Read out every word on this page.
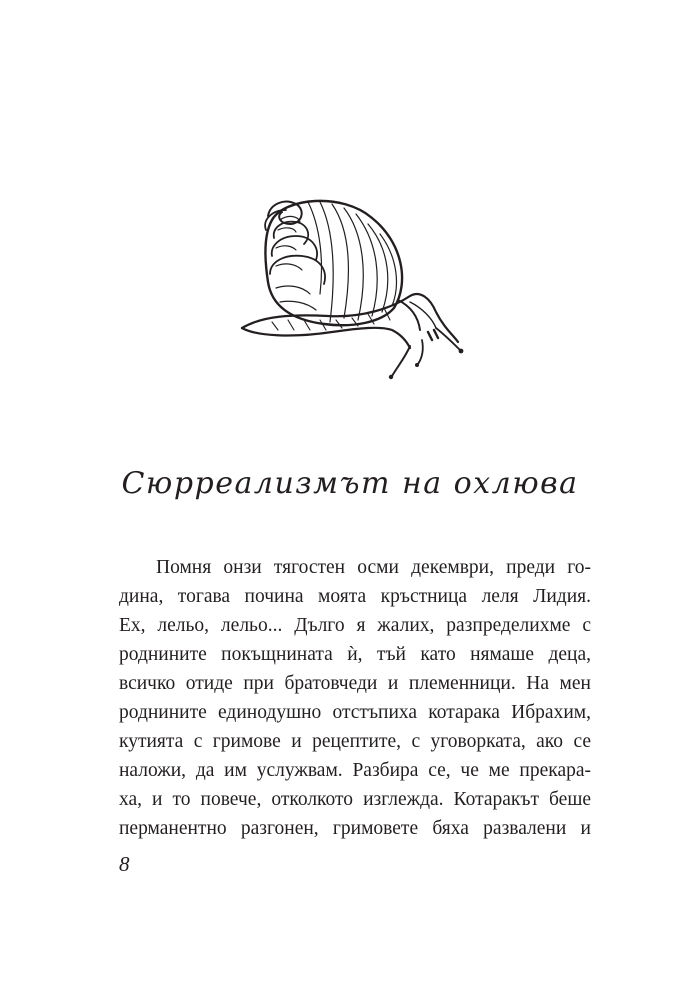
Сюрреализмът на охлюва
Помня онзи тягостен осми декември, преди го-
дина, тогава почина моята кръстница леля Лидия.
Ех, лельо, лельо... Дълго я жалих, разпределихме с
роднините покъщнината ѝ, тъй като нямаше деца,
всичко отиде при братовчеди и племенници. На мен
роднините единодушно отстъпиха котарака Ибрахим,
кутията с гримове и рецептите, с уговорката, ако се
наложи, да им услужвам. Разбира се, че ме прекара-
ха, и то повече, отколкото изглежда. Котаракът беше
перманентно разгонен, гримовете бяха развалени и
8
